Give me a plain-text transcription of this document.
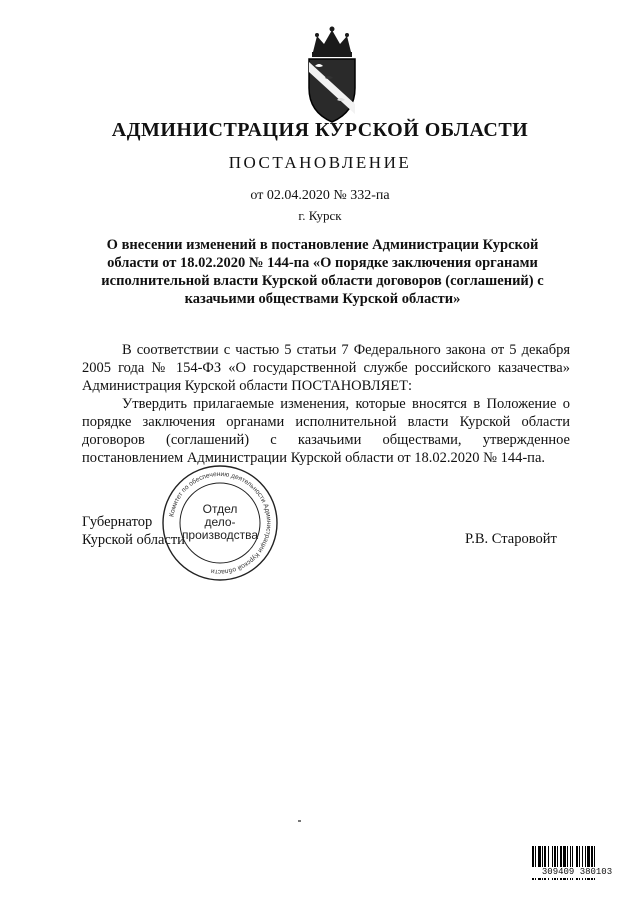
АДМИНИСТРАЦИЯ КУРСКОЙ ОБЛАСТИ
ПОСТАНОВЛЕНИЕ
от 02.04.2020 № 332-па
г. Курск
О внесении изменений в постановление Администрации Курской области от 18.02.2020 № 144-па «О порядке заключения органами исполнительной власти Курской области договоров (соглашений) с казачьими обществами Курской области»

В соответствии с частью 5 статьи 7 Федерального закона от 5 декабря 2005 года № 154-ФЗ «О государственной службе российского казачества» Администрация Курской области ПОСТАНОВЛЯЕТ:

Утвердить прилагаемые изменения, которые вносятся в Положение о порядке заключения органами исполнительной власти Курской области договоров (соглашений) с казачьими обществами, утвержденное постановлением Администрации Курской области от 18.02.2020 № 144-па.

Губернатор
Курской области
Комитет по обеспечению деятельности Администрации Курской области
Отдел
дело-
производства	Р.В. Старовойт
309409 380103
